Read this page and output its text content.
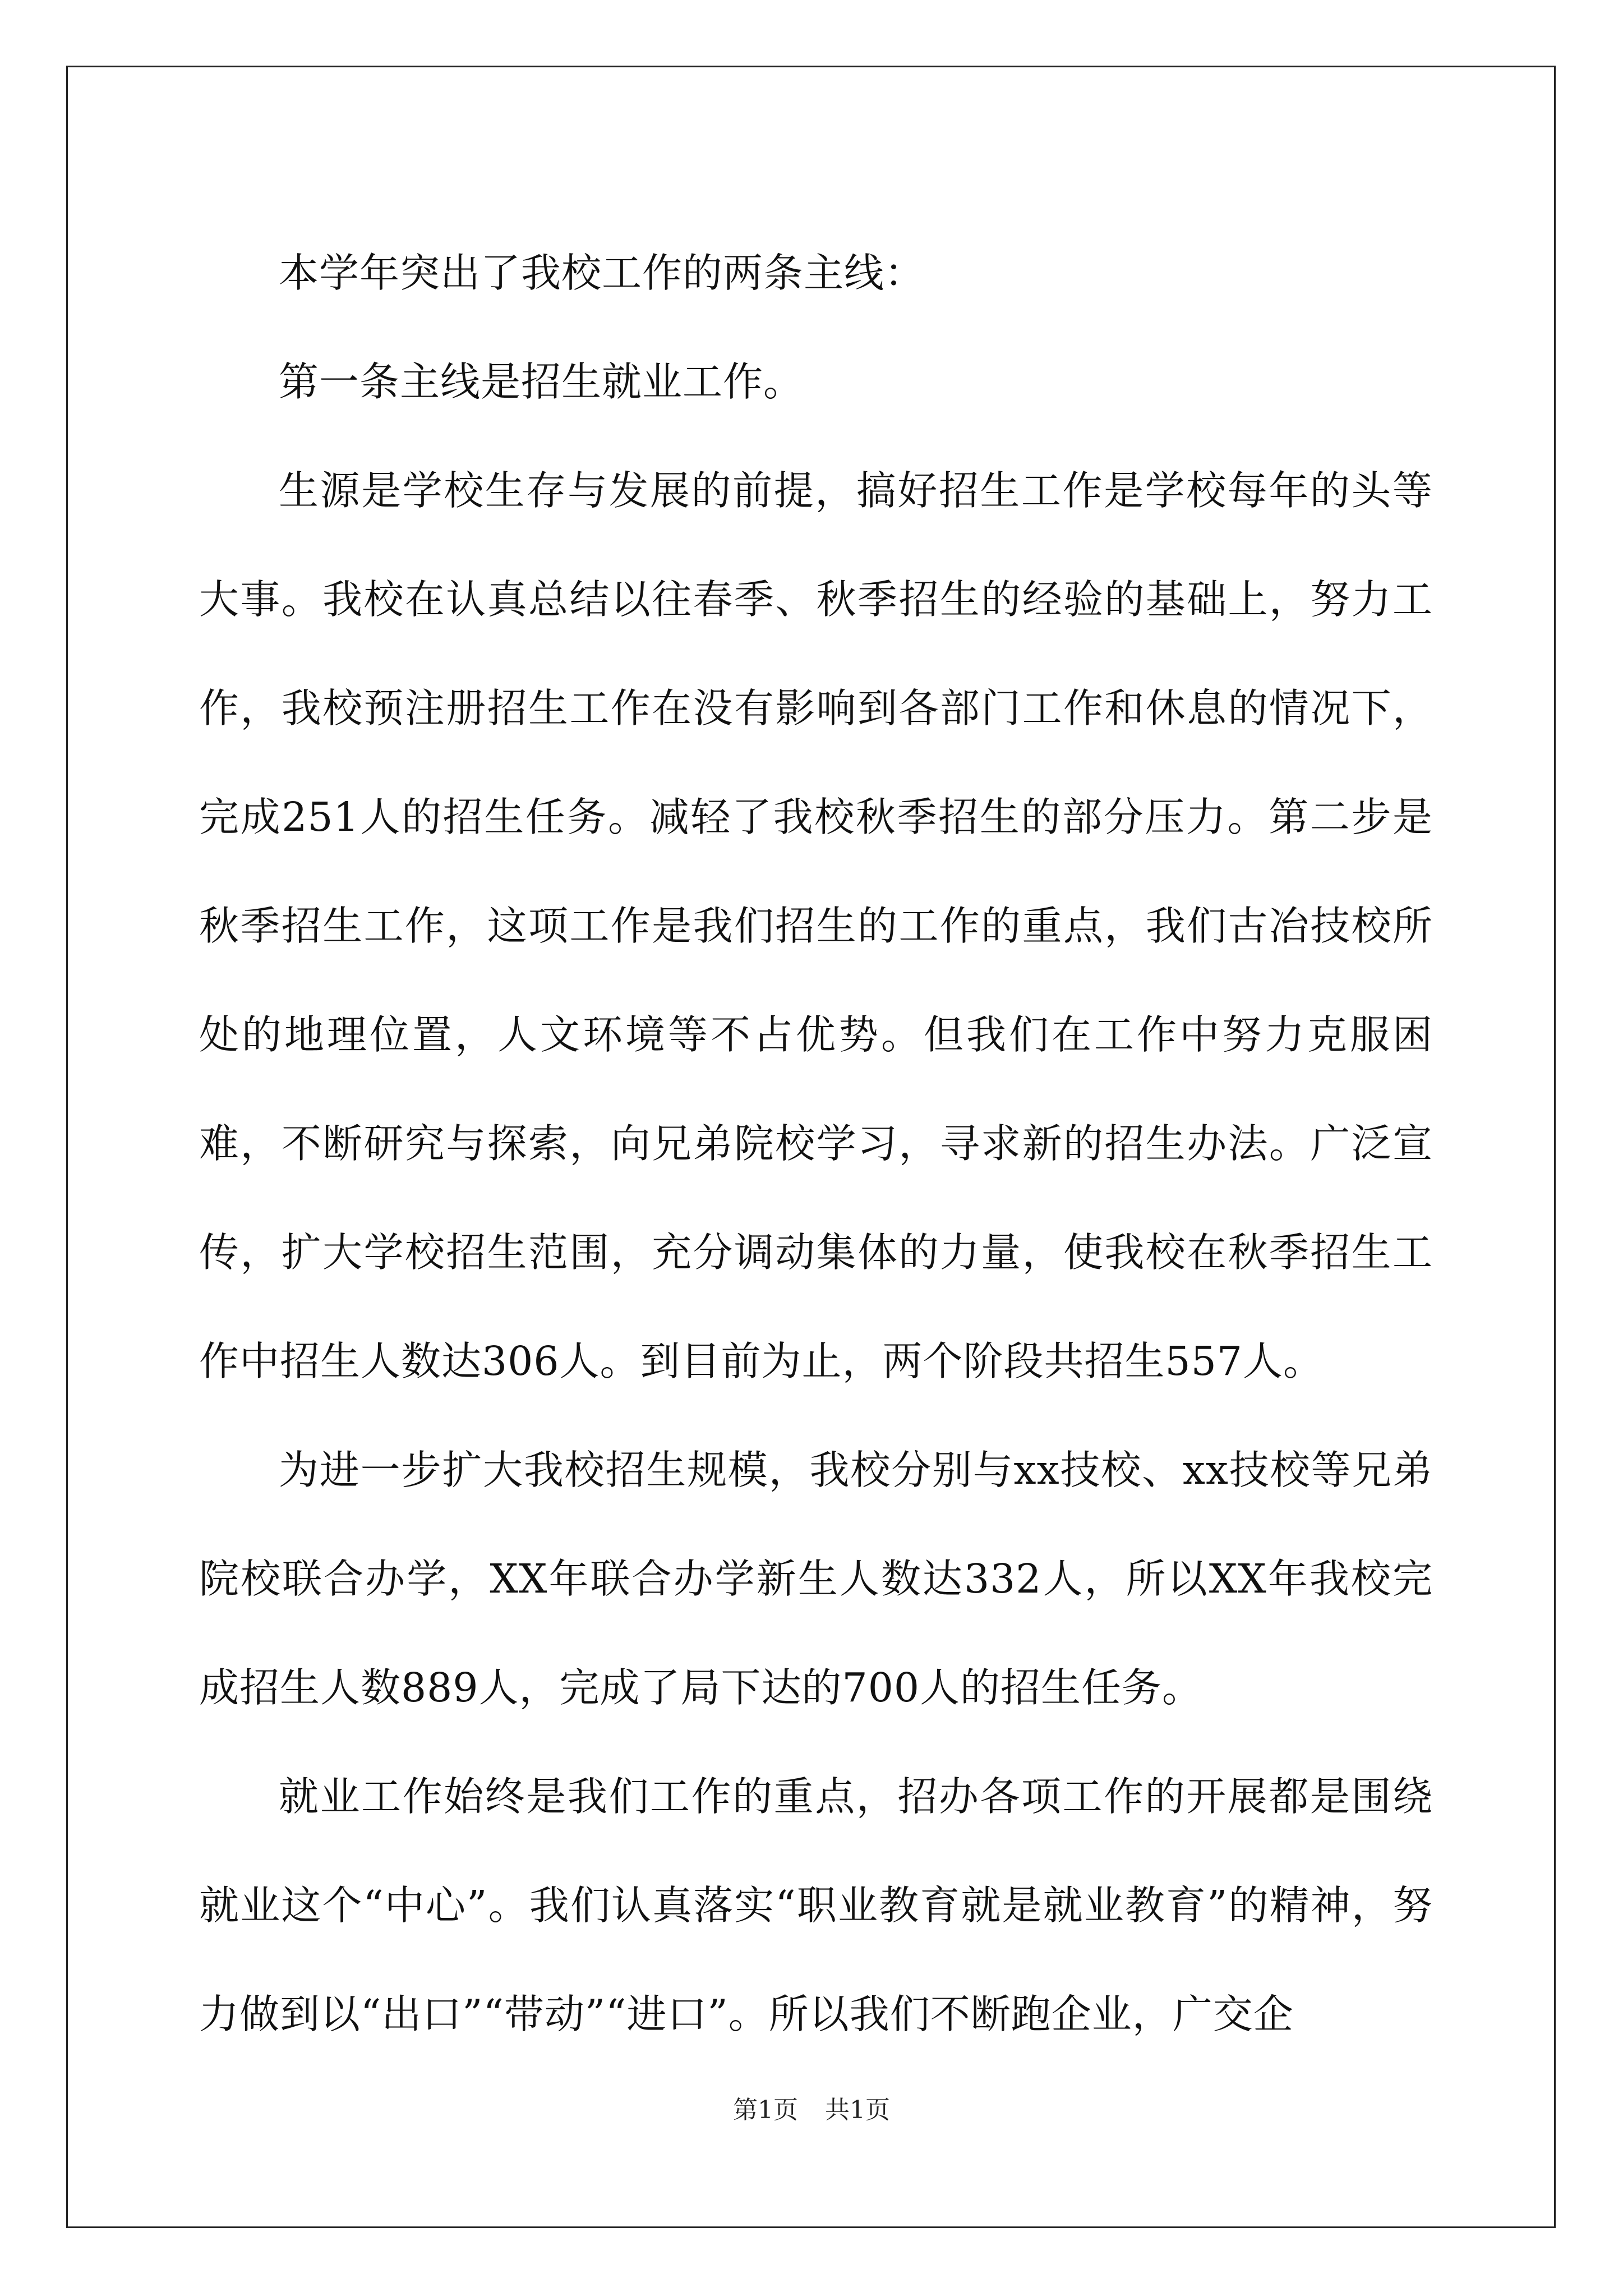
本学年突出了我校工作的两条主线：

第一条主线是招生就业工作。

生源是学校生存与发展的前提，搞好招生工作是学校每年的头等大事。我校在认真总结以往春季、秋季招生的经验的基础上，努力工作，我校预注册招生工作在没有影响到各部门工作和休息的情况下，完成251人的招生任务。减轻了我校秋季招生的部分压力。第二步是秋季招生工作，这项工作是我们招生的工作的重点，我们古冶技校所处的地理位置，人文环境等不占优势。但我们在工作中努力克服困难，不断研究与探索，向兄弟院校学习，寻求新的招生办法。广泛宣传，扩大学校招生范围，充分调动集体的力量，使我校在秋季招生工作中招生人数达306人。到目前为止，两个阶段共招生557人。

为进一步扩大我校招生规模，我校分别与xx技校、xx技校等兄弟院校联合办学，XX年联合办学新生人数达332人，所以XX年我校完成招生人数889人，完成了局下达的700人的招生任务。

就业工作始终是我们工作的重点，招办各项工作的开展都是围绕就业这个“中心”。我们认真落实“职业教育就是就业教育”的精神，努力做到以“出口”“带动”“进口”。所以我们不断跑企业，广交企

第1页 共1页
